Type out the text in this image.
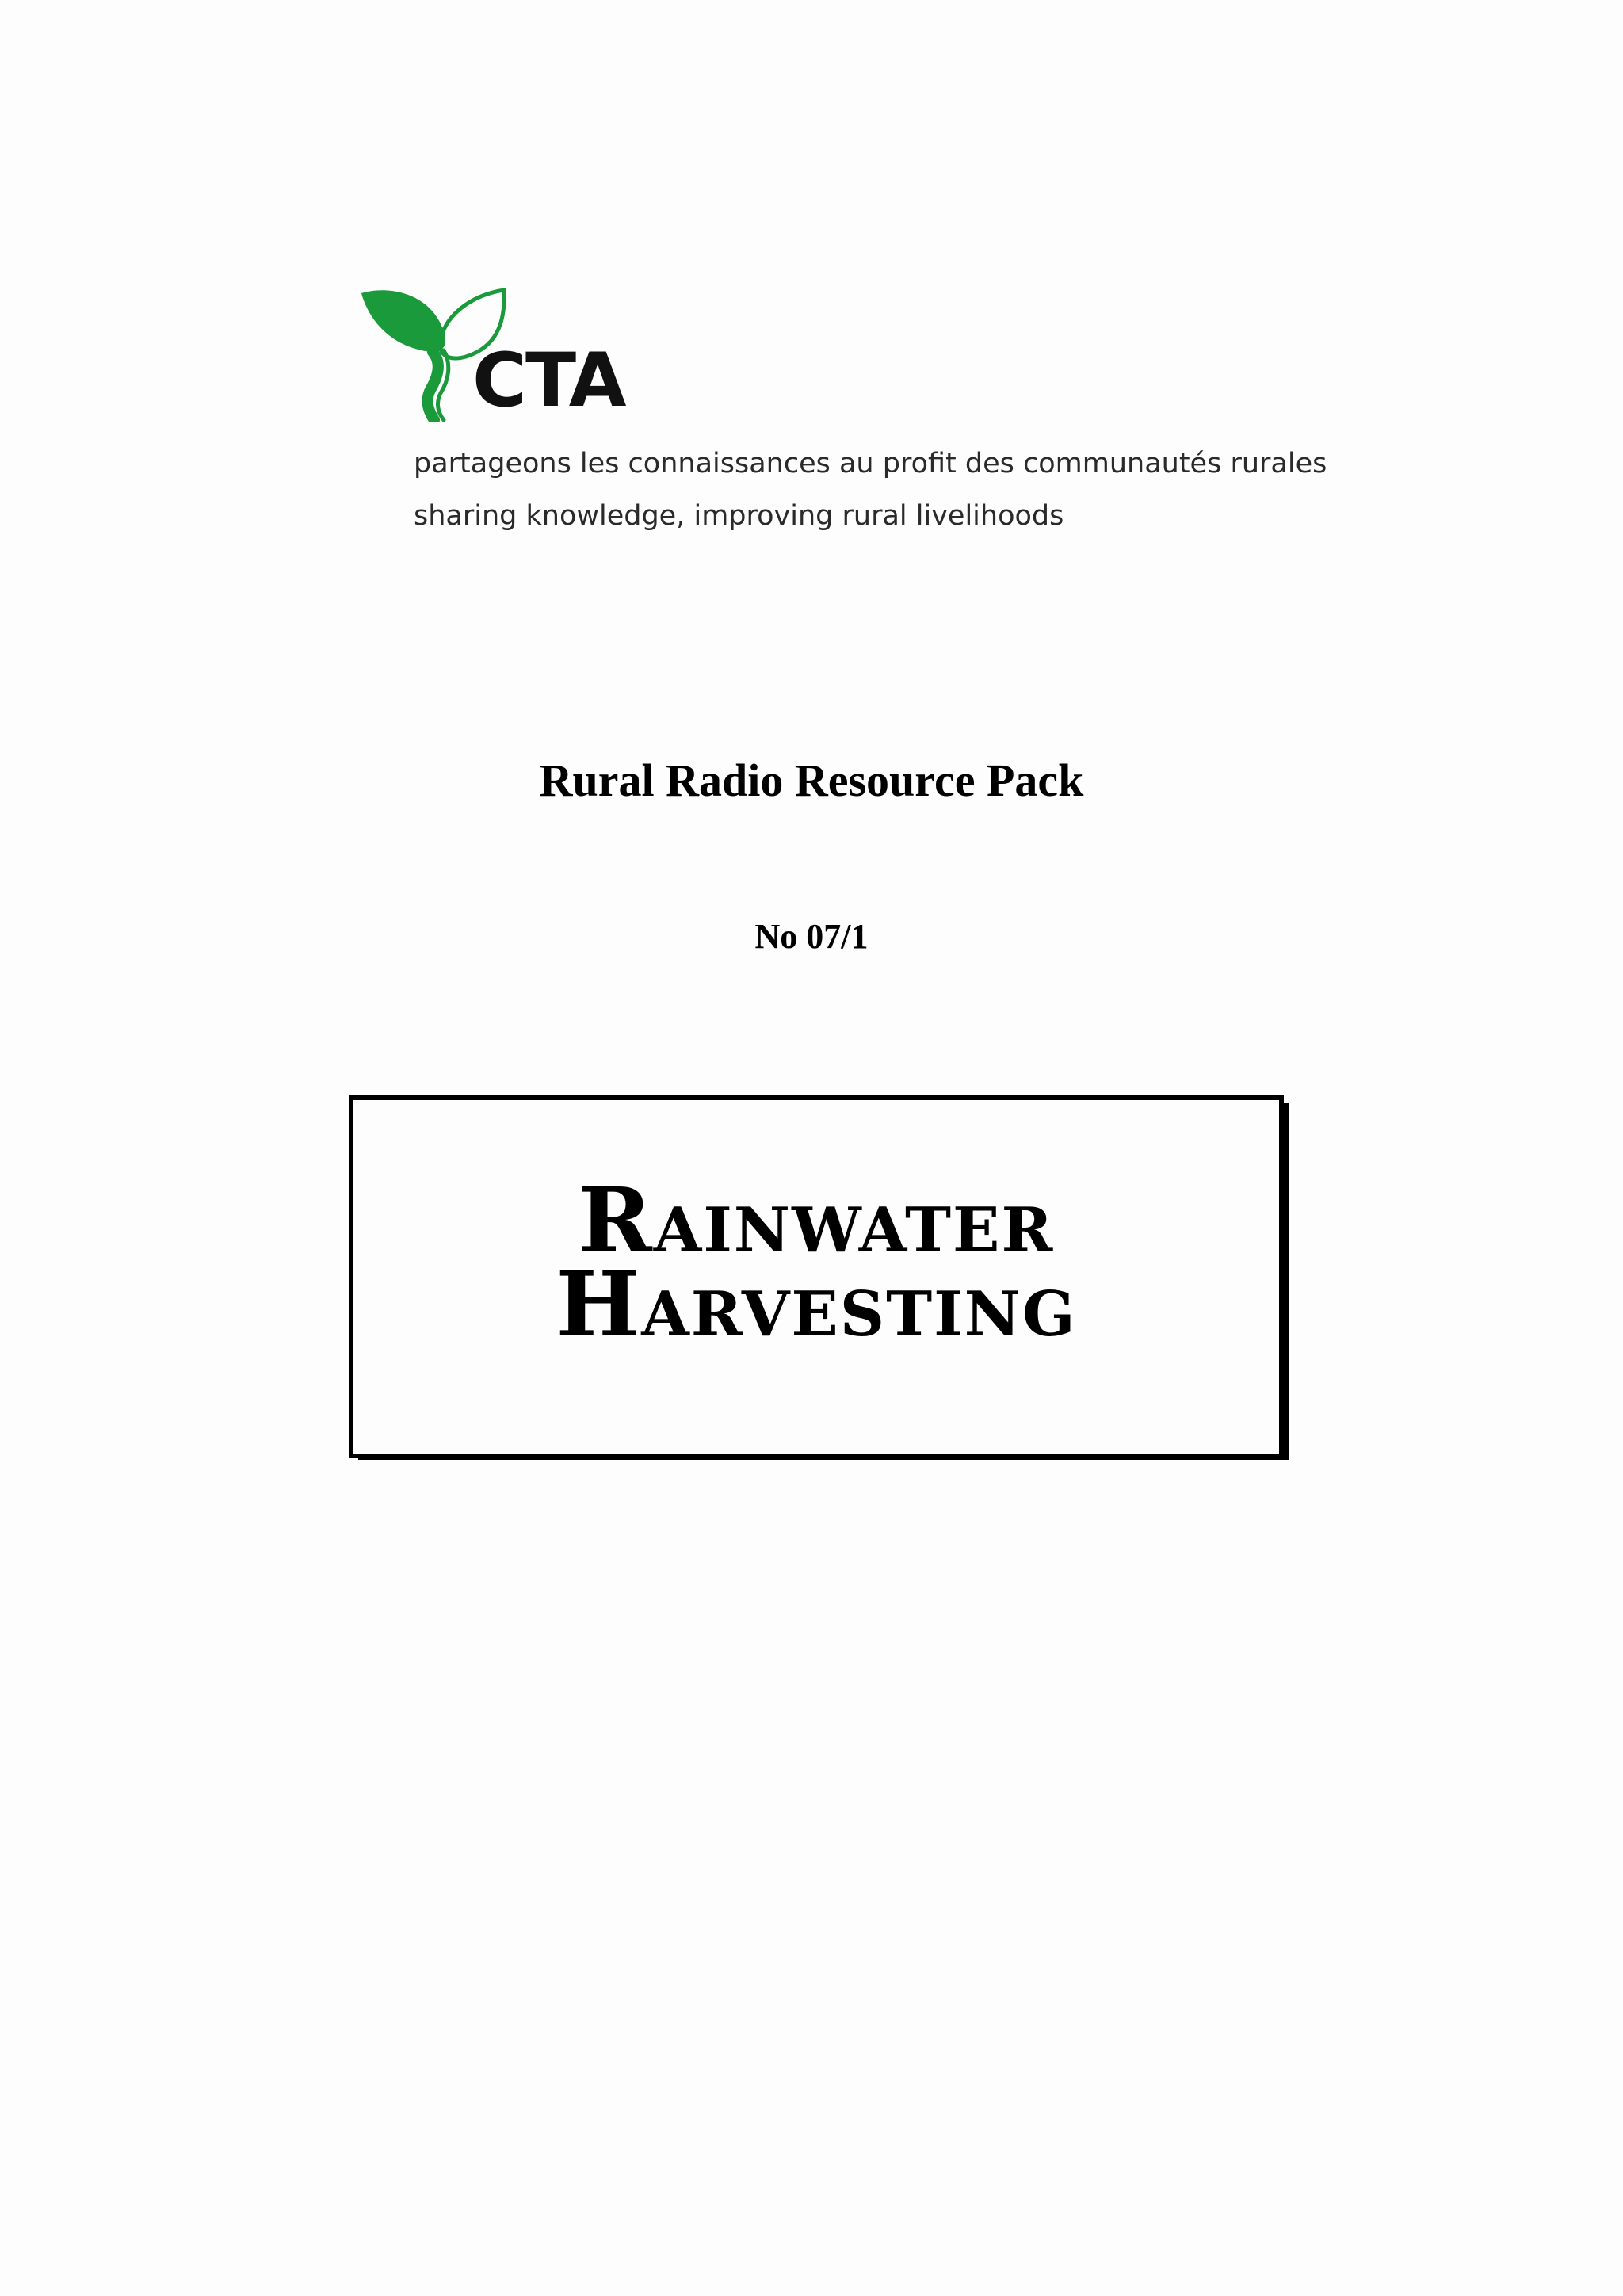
CTA
partageons les connaissances au profit des communautés rurales
sharing knowledge, improving rural livelihoods
Rural Radio Resource Pack
No 07/1
Rainwater
Harvesting
